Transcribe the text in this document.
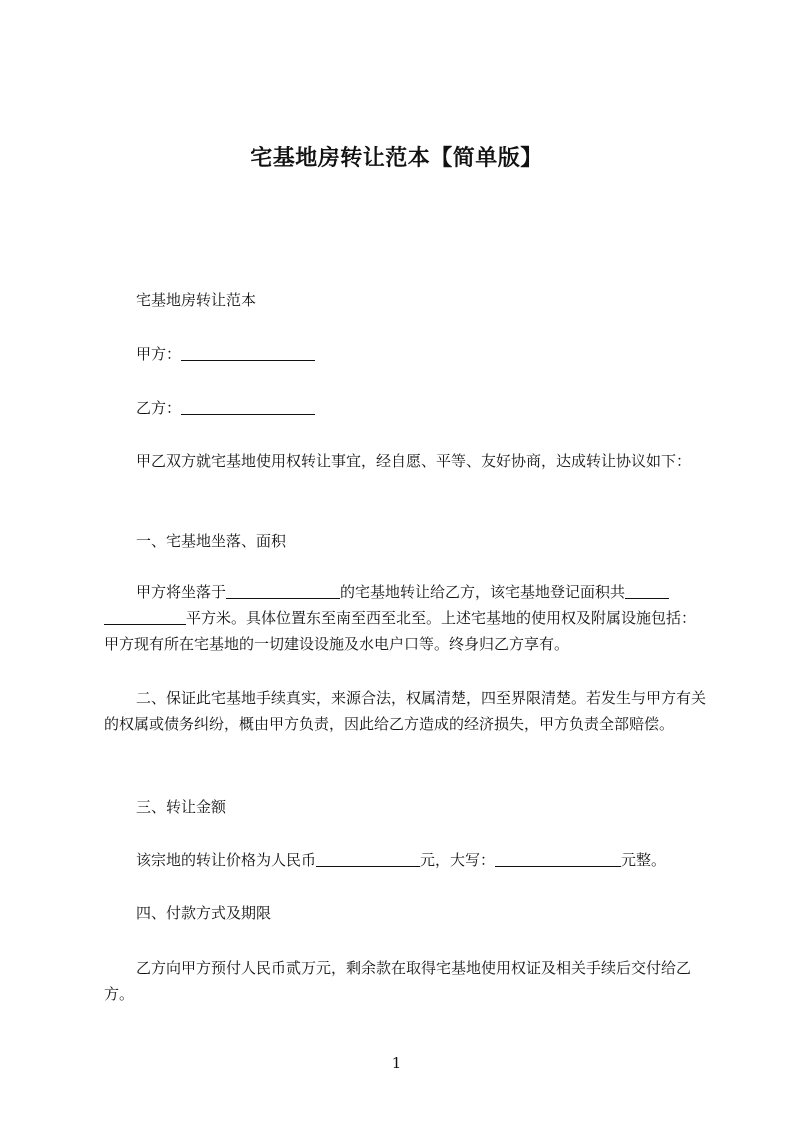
宅基地房转让范本【简单版】

宅基地房转让范本

甲方：

乙方：

甲乙双方就宅基地使用权转让事宜，经自愿、平等、友好协商，达成转让协议如下：

一、宅基地坐落、面积

甲方将坐落于	的宅基地转让给乙方，该宅基地登记面积共
平方米。具体位置东至南至西至北至。上述宅基地的使用权及附属设施包括：甲方现有所在宅基地的一切建设设施及水电户口等。终身归乙方享有。

二、保证此宅基地手续真实，来源合法，权属清楚，四至界限清楚。若发生与甲方有关的权属或债务纠纷，概由甲方负责，因此给乙方造成的经济损失，甲方负责全部赔偿。

三、转让金额

该宗地的转让价格为人民币	元，大写：	元整。

四、付款方式及期限

乙方向甲方预付人民币贰万元，剩余款在取得宅基地使用权证及相关手续后交付给乙方。

1
